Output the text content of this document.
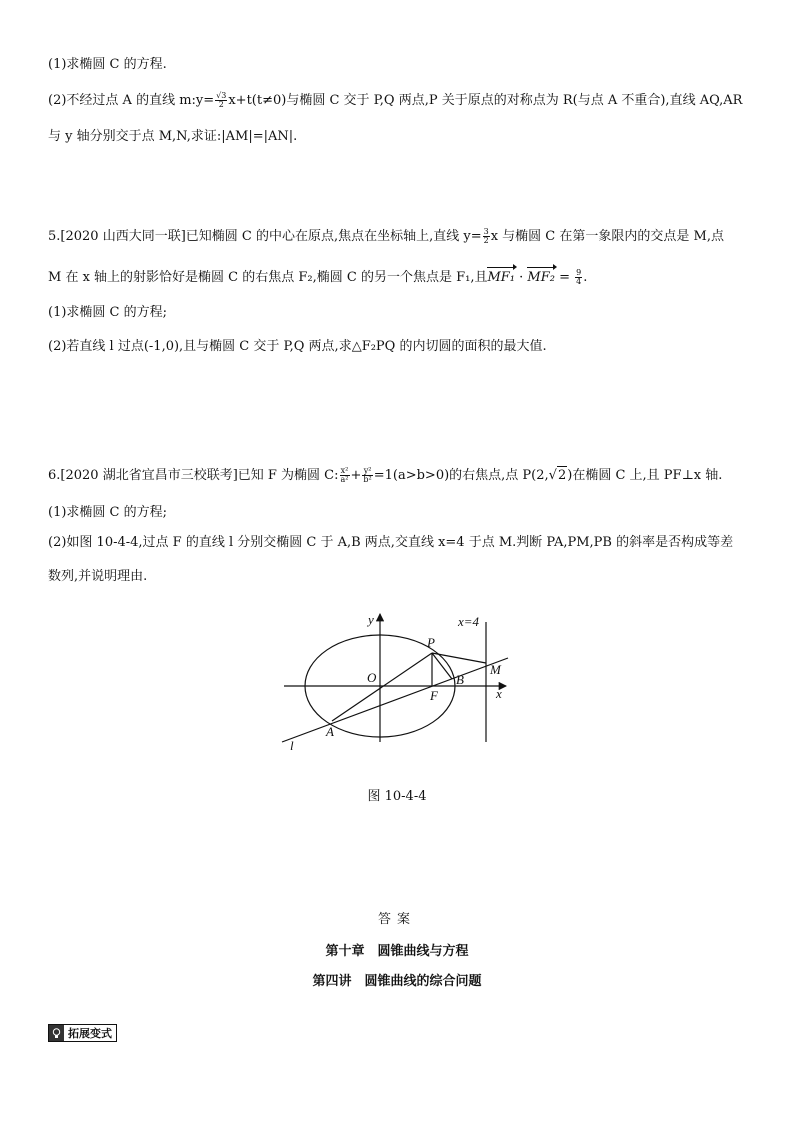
(1)求椭圆 C 的方程.
(2)不经过点 A 的直线 m:y= $\frac{√3}{2} x+t(t\ne 0)$与椭圆 C 交于 P,Q 两点,P 关于原点的对称点为 R(与点 A 不重合),直线 AQ,AR
与 y 轴分别交于点 M,N,求证:|AM|=|AN|.
5.[2020 山西大同一联]已知椭圆 C 的中心在原点,焦点在坐标轴上,直线 $y= \frac{3}{2}$ x 与椭圆 C 在第一象限内的交点是 M,点
M 在 x 轴上的射影恰好是椭圆 C 的右焦点 F₂,椭圆 C 的另一个焦点是 F₁,且$MF_1 \cdot MF_2 = \frac{9}{4}$ .
(1)求椭圆 C 的方程;
(2)若直线 l 过点(-1,0),且与椭圆 C 交于 P,Q 两点,求△F₂PQ 的内切圆的面积的最大值.
6.[2020 湖北省宜昌市三校联考]已知 F 为椭圆 C: $\frac{\text{x²}}{\text{a²}} + \frac{\text{y²}}{\text{b²}} =1(a>b>0)$的右焦点,点 P(2,√2)在椭圆 C 上,且 PF⊥x 轴.
(1)求椭圆 C 的方程;
(2)如图 10-4-4,过点 F 的直线 l 分别交椭圆 C 于 A,B 两点,交直线 x=4 于点 M.判断 PA,PM,PB 的斜率是否构成等差
数列,并说明理由.
y
x
O
P
F
B
M
A
l
x=4
图 10-4-4
答案
第十章　圆锥曲线与方程
第四讲　圆锥曲线的综合问题
拓展变式
